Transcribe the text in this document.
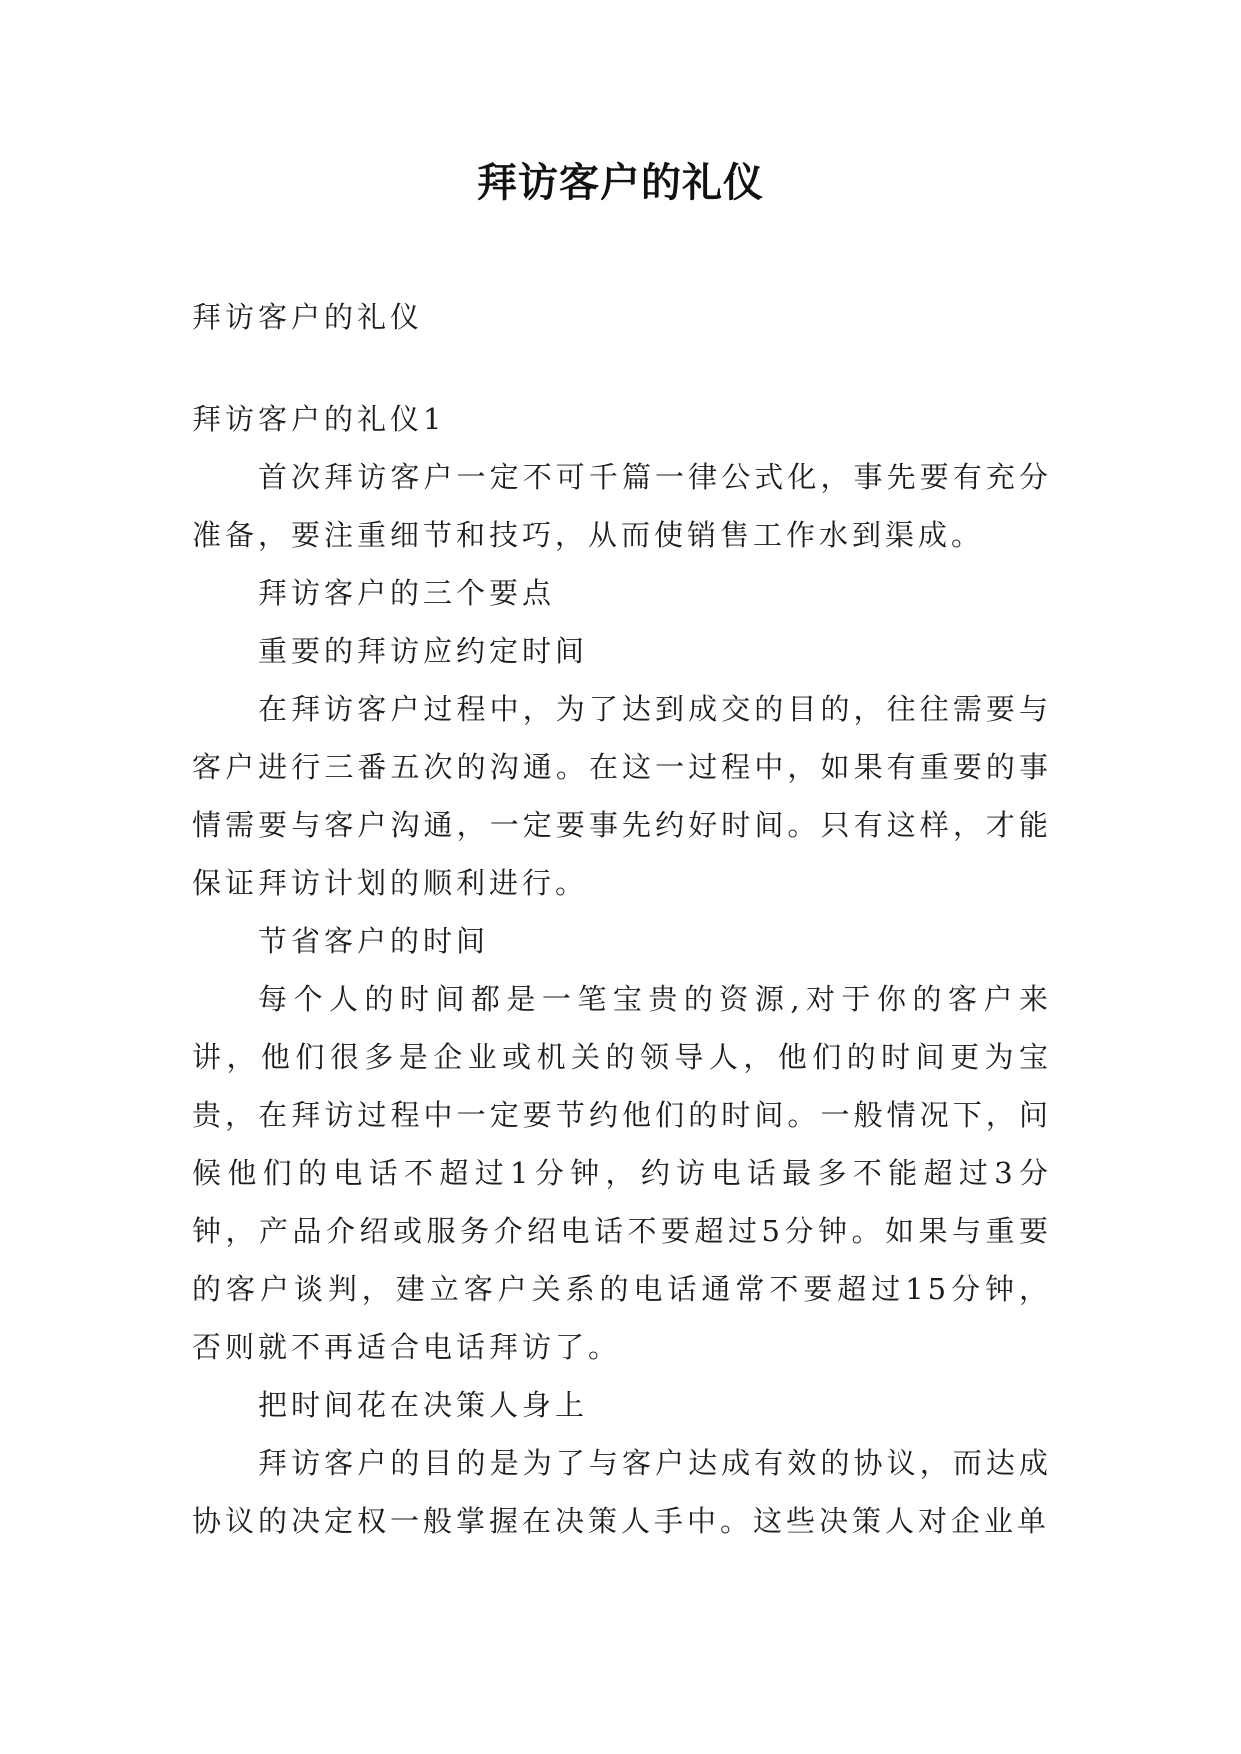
拜访客户的礼仪

拜访客户的礼仪

拜访客户的礼仪1

首次拜访客户一定不可千篇一律公式化，事先要有充分准备，要注重细节和技巧，从而使销售工作水到渠成。

拜访客户的三个要点

重要的拜访应约定时间

在拜访客户过程中，为了达到成交的目的，往往需要与客户进行三番五次的沟通。在这一过程中，如果有重要的事情需要与客户沟通，一定要事先约好时间。只有这样，才能保证拜访计划的顺利进行。

节省客户的时间

每个人的时间都是一笔宝贵的资源,对于你的客户来讲，他们很多是企业或机关的领导人，他们的时间更为宝贵，在拜访过程中一定要节约他们的时间。一般情况下，问候他们的电话不超过1分钟，约访电话最多不能超过3分钟，产品介绍或服务介绍电话不要超过5分钟。如果与重要的客户谈判，建立客户关系的电话通常不要超过15分钟，否则就不再适合电话拜访了。

把时间花在决策人身上

拜访客户的目的是为了与客户达成有效的协议，而达成协议的决定权一般掌握在决策人手中。这些决策人对企业单
